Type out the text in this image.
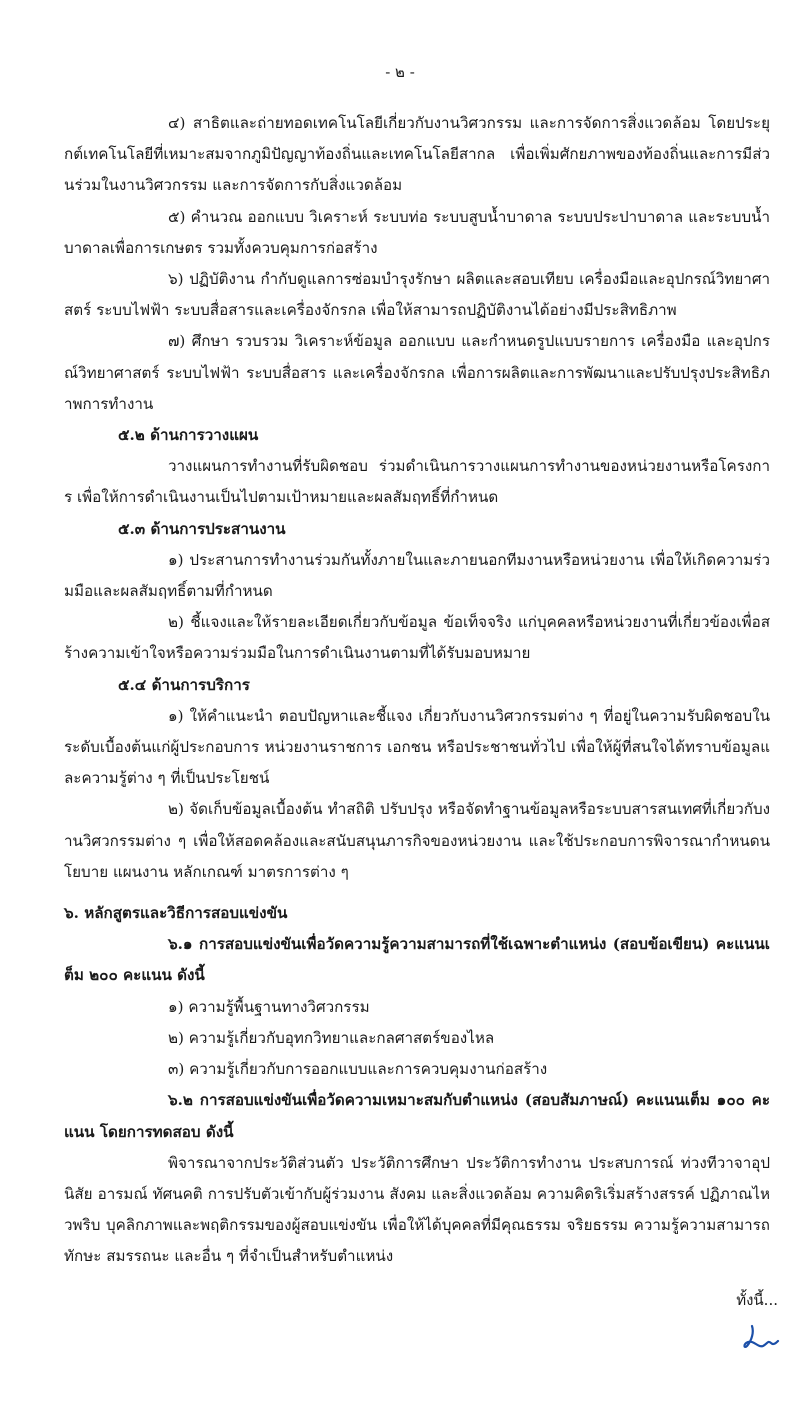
- ๒ -

๔) สาธิตและถ่ายทอดเทคโนโลยีเกี่ยวกับงานวิศวกรรม และการจัดการสิ่งแวดล้อม โดยประยุกต์เทคโนโลยีที่เหมาะสมจากภูมิปัญญาท้องถิ่นและเทคโนโลยีสากล เพื่อเพิ่มศักยภาพของท้องถิ่นและการมีส่วนร่วมในงานวิศวกรรม และการจัดการกับสิ่งแวดล้อม

๕) คำนวณ ออกแบบ วิเคราะห์ ระบบท่อ ระบบสูบน้ำบาดาล ระบบประปาบาดาล และระบบน้ำบาดาลเพื่อการเกษตร รวมทั้งควบคุมการก่อสร้าง

๖) ปฏิบัติงาน กำกับดูแลการซ่อมบำรุงรักษา ผลิตและสอบเทียบ เครื่องมือและอุปกรณ์วิทยาศาสตร์ ระบบไฟฟ้า ระบบสื่อสารและเครื่องจักรกล เพื่อให้สามารถปฏิบัติงานได้อย่างมีประสิทธิภาพ

๗) ศึกษา รวบรวม วิเคราะห์ข้อมูล ออกแบบ และกำหนดรูปแบบรายการ เครื่องมือ และอุปกรณ์วิทยาศาสตร์ ระบบไฟฟ้า ระบบสื่อสาร และเครื่องจักรกล เพื่อการผลิตและการพัฒนาและปรับปรุงประสิทธิภาพการทำงาน

๕.๒ ด้านการวางแผน

วางแผนการทำงานที่รับผิดชอบ ร่วมดำเนินการวางแผนการทำงานของหน่วยงานหรือโครงการ เพื่อให้การดำเนินงานเป็นไปตามเป้าหมายและผลสัมฤทธิ์ที่กำหนด

๕.๓ ด้านการประสานงาน

๑) ประสานการทำงานร่วมกันทั้งภายในและภายนอกทีมงานหรือหน่วยงาน เพื่อให้เกิดความร่วมมือและผลสัมฤทธิ์ตามที่กำหนด

๒) ชี้แจงและให้รายละเอียดเกี่ยวกับข้อมูล ข้อเท็จจริง แก่บุคคลหรือหน่วยงานที่เกี่ยวข้องเพื่อสร้างความเข้าใจหรือความร่วมมือในการดำเนินงานตามที่ได้รับมอบหมาย

๕.๔ ด้านการบริการ

๑) ให้คำแนะนำ ตอบปัญหาและชี้แจง เกี่ยวกับงานวิศวกรรมต่าง ๆ ที่อยู่ในความรับผิดชอบในระดับเบื้องต้นแก่ผู้ประกอบการ หน่วยงานราชการ เอกชน หรือประชาชนทั่วไป เพื่อให้ผู้ที่สนใจได้ทราบข้อมูลและความรู้ต่าง ๆ ที่เป็นประโยชน์

๒) จัดเก็บข้อมูลเบื้องต้น ทำสถิติ ปรับปรุง หรือจัดทำฐานข้อมูลหรือระบบสารสนเทศที่เกี่ยวกับงานวิศวกรรมต่าง ๆ เพื่อให้สอดคล้องและสนับสนุนภารกิจของหน่วยงาน และใช้ประกอบการพิจารณากำหนดนโยบาย แผนงาน หลักเกณฑ์ มาตรการต่าง ๆ

๖. หลักสูตรและวิธีการสอบแข่งขัน

๖.๑ การสอบแข่งขันเพื่อวัดความรู้ความสามารถที่ใช้เฉพาะตำแหน่ง (สอบข้อเขียน) คะแนนเต็ม ๒๐๐ คะแนน ดังนี้

๑) ความรู้พื้นฐานทางวิศวกรรม

๒) ความรู้เกี่ยวกับอุทกวิทยาและกลศาสตร์ของไหล

๓) ความรู้เกี่ยวกับการออกแบบและการควบคุมงานก่อสร้าง

๖.๒ การสอบแข่งขันเพื่อวัดความเหมาะสมกับตำแหน่ง (สอบสัมภาษณ์) คะแนนเต็ม ๑๐๐ คะแนน โดยการทดสอบ ดังนี้

พิจารณาจากประวัติส่วนตัว ประวัติการศึกษา ประวัติการทำงาน ประสบการณ์ ท่วงทีวาจาอุปนิสัย อารมณ์ ทัศนคติ การปรับตัวเข้ากับผู้ร่วมงาน สังคม และสิ่งแวดล้อม ความคิดริเริ่มสร้างสรรค์ ปฏิภาณไหวพริบ บุคลิกภาพและพฤติกรรมของผู้สอบแข่งขัน เพื่อให้ได้บุคคลที่มีคุณธรรม จริยธรรม ความรู้ความสามารถทักษะ สมรรถนะ และอื่น ๆ ที่จำเป็นสำหรับตำแหน่ง

ทั้งนี้...
